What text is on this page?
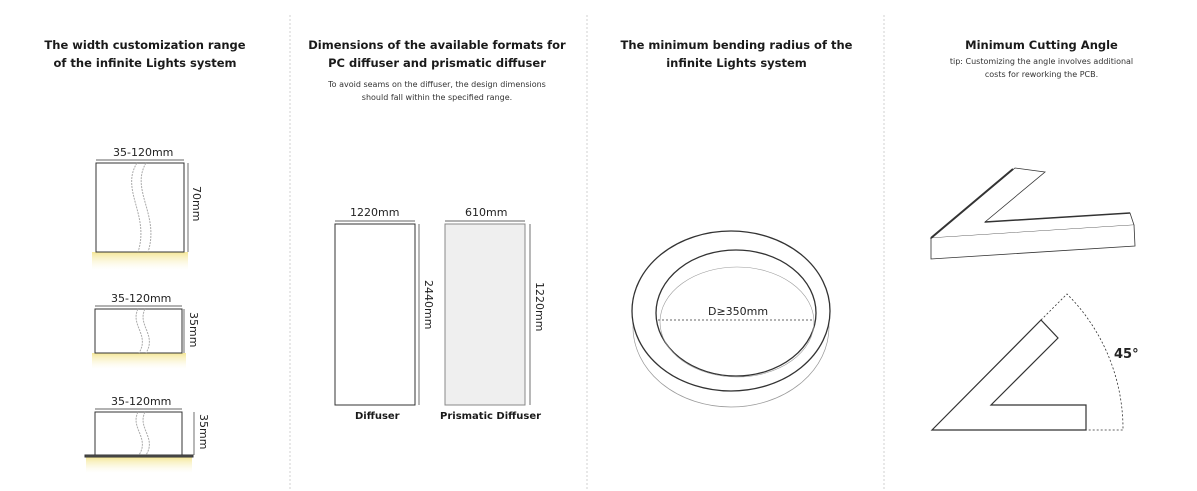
The width customization range
of the infinite Lights system
35-120mm
70mm
35-120mm
35mm
35-120mm
35mm
Dimensions of the available formats for
PC diffuser and prismatic diffuser
To avoid seams on the diffuser, the design dimensions
should fall within the specified range.
1220mm
2440mm
Diffuser
610mm
1220mm
Prismatic Diffuser
The minimum bending radius of the
infinite Lights system
D≥350mm
Minimum Cutting Angle
tip: Customizing the angle involves additional
costs for reworking the PCB.
45°
